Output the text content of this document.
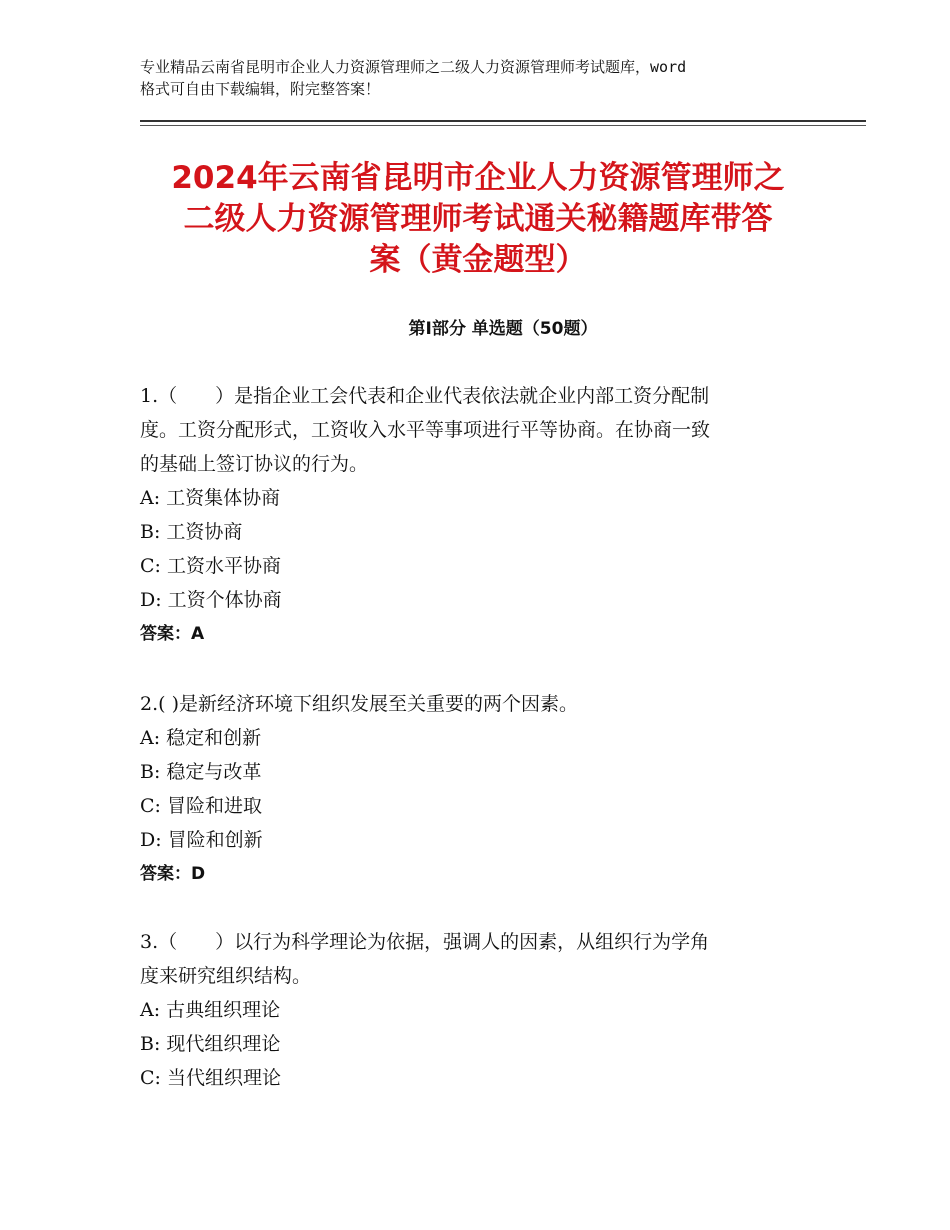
专业精品云南省昆明市企业人力资源管理师之二级人力资源管理师考试题库，word
格式可自由下载编辑，附完整答案！
2024年云南省昆明市企业人力资源管理师之
二级人力资源管理师考试通关秘籍题库带答
案（黄金题型）
第Ⅰ部分 单选题（50题）
1.（　　）是指企业工会代表和企业代表依法就企业内部工资分配制
度。工资分配形式，工资收入水平等事项进行平等协商。在协商一致
的基础上签订协议的行为。
A: 工资集体协商
B: 工资协商
C: 工资水平协商
D: 工资个体协商
答案：A
2.( )是新经济环境下组织发展至关重要的两个因素。
A: 稳定和创新
B: 稳定与改革
C: 冒险和进取
D: 冒险和创新
答案：D
3.（　　）以行为科学理论为依据，强调人的因素，从组织行为学角
度来研究组织结构。
A: 古典组织理论
B: 现代组织理论
C: 当代组织理论
